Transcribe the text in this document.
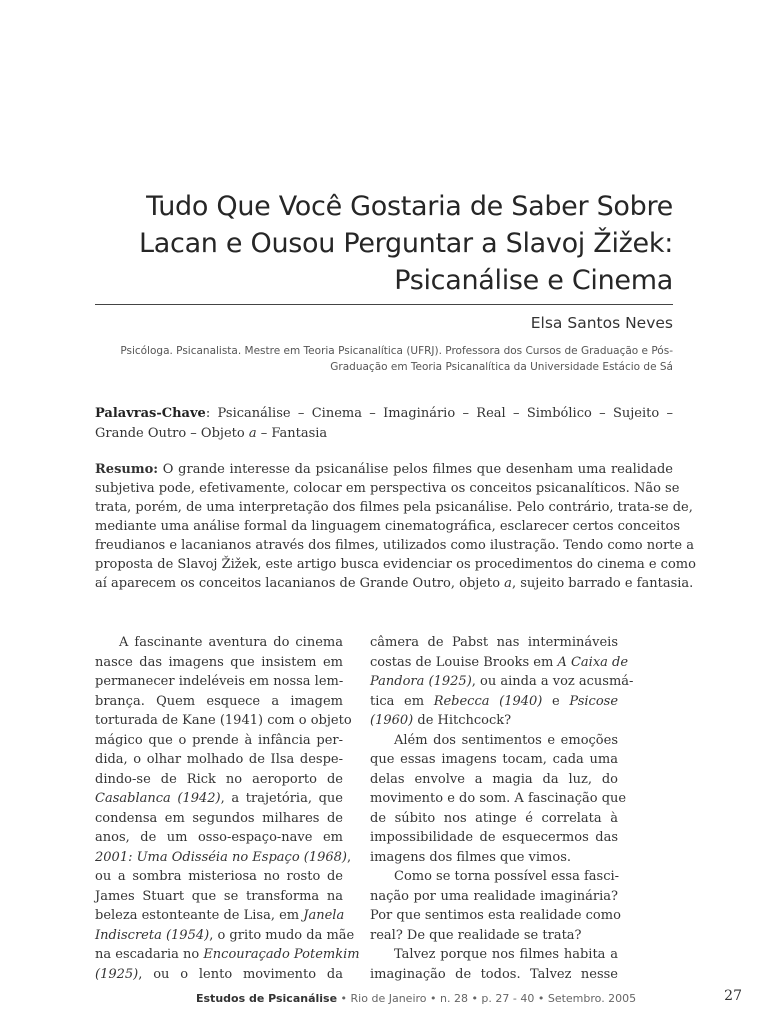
Tudo Que Você Gostaria de Saber Sobre
Lacan e Ousou Perguntar a Slavoj Žižek:
Psicanálise e Cinema
Elsa Santos Neves
Psicóloga. Psicanalista. Mestre em Teoria Psicanalítica (UFRJ). Professora dos Cursos de Graduação e Pós-
Graduação em Teoria Psicanalítica da Universidade Estácio de Sá
Palavras-Chave: Psicanálise – Cinema – Imaginário – Real – Simbólico – Sujeito – Grande Outro – Objeto a – Fantasia
Resumo: O grande interesse da psicanálise pelos filmes que desenham uma realidade
subjetiva pode, efetivamente, colocar em perspectiva os conceitos psicanalíticos. Não se
trata, porém, de uma interpretação dos filmes pela psicanálise. Pelo contrário, trata-se de,
mediante uma análise formal da linguagem cinematográfica, esclarecer certos conceitos
freudianos e lacanianos através dos filmes, utilizados como ilustração. Tendo como norte a
proposta de Slavoj Žižek, este artigo busca evidenciar os procedimentos do cinema e como
aí aparecem os conceitos lacanianos de Grande Outro, objeto a, sujeito barrado e fantasia.
A fascinante aventura do cinema
nasce das imagens que insistem em
permanecer indeléveis em nossa lem-
brança. Quem esquece a imagem
torturada de Kane (1941) com o objeto
mágico que o prende à infância per-
dida, o olhar molhado de Ilsa despe-
dindo-se de Rick no aeroporto de
Casablanca (1942), a trajetória, que
condensa em segundos milhares de
anos, de um osso-espaço-nave em
2001: Uma Odisséia no Espaço (1968),
ou a sombra misteriosa no rosto de
James Stuart que se transforma na
beleza estonteante de Lisa, em Janela
Indiscreta (1954), o grito mudo da mãe
na escadaria no Encouraçado Potemkim
(1925), ou o lento movimento da
câmera de Pabst nas intermináveis
costas de Louise Brooks em A Caixa de
Pandora (1925), ou ainda a voz acusmá-
tica em Rebecca (1940) e Psicose
(1960) de Hitchcock?
Além dos sentimentos e emoções
que essas imagens tocam, cada uma
delas envolve a magia da luz, do
movimento e do som. A fascinação que
de súbito nos atinge é correlata à
impossibilidade de esquecermos das
imagens dos filmes que vimos.
Como se torna possível essa fasci-
nação por uma realidade imaginária?
Por que sentimos esta realidade como
real? De que realidade se trata?
Talvez porque nos filmes habita a
imaginação de todos. Talvez nesse
Estudos de Psicanálise • Rio de Janeiro • n. 28 • p. 27 - 40 • Setembro. 2005	27
